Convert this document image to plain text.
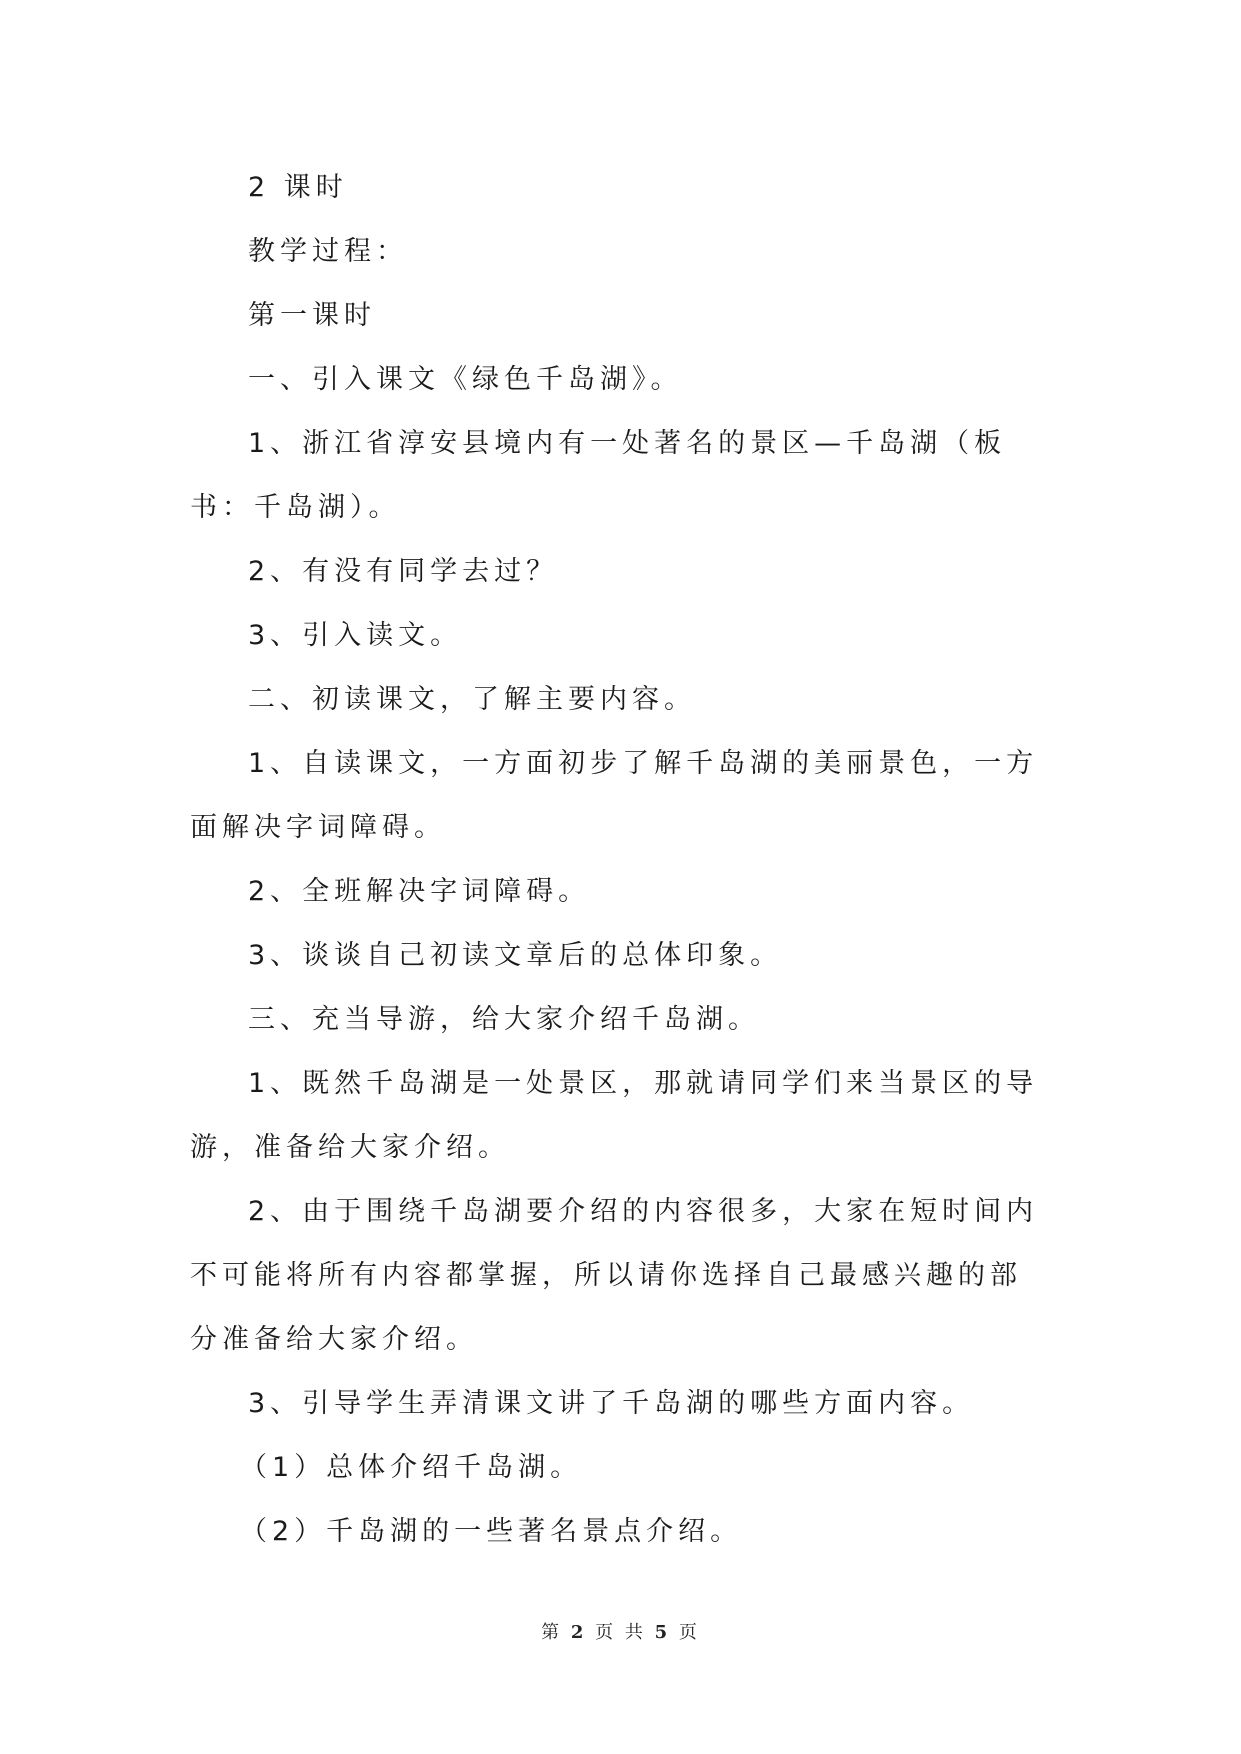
2 课时

教学过程：

第一课时

一、引入课文《绿色千岛湖》。

1、浙江省淳安县境内有一处著名的景区—千岛湖（板书：千岛湖）。

2、有没有同学去过？

3、引入读文。

二、初读课文，了解主要内容。

1、自读课文，一方面初步了解千岛湖的美丽景色，一方面解决字词障碍。

2、全班解决字词障碍。

3、谈谈自己初读文章后的总体印象。

三、充当导游，给大家介绍千岛湖。

1、既然千岛湖是一处景区，那就请同学们来当景区的导游，准备给大家介绍。

2、由于围绕千岛湖要介绍的内容很多，大家在短时间内不可能将所有内容都掌握，所以请你选择自己最感兴趣的部分准备给大家介绍。

3、引导学生弄清课文讲了千岛湖的哪些方面内容。

（1）总体介绍千岛湖。

（2）千岛湖的一些著名景点介绍。

第 2 页 共 5 页
